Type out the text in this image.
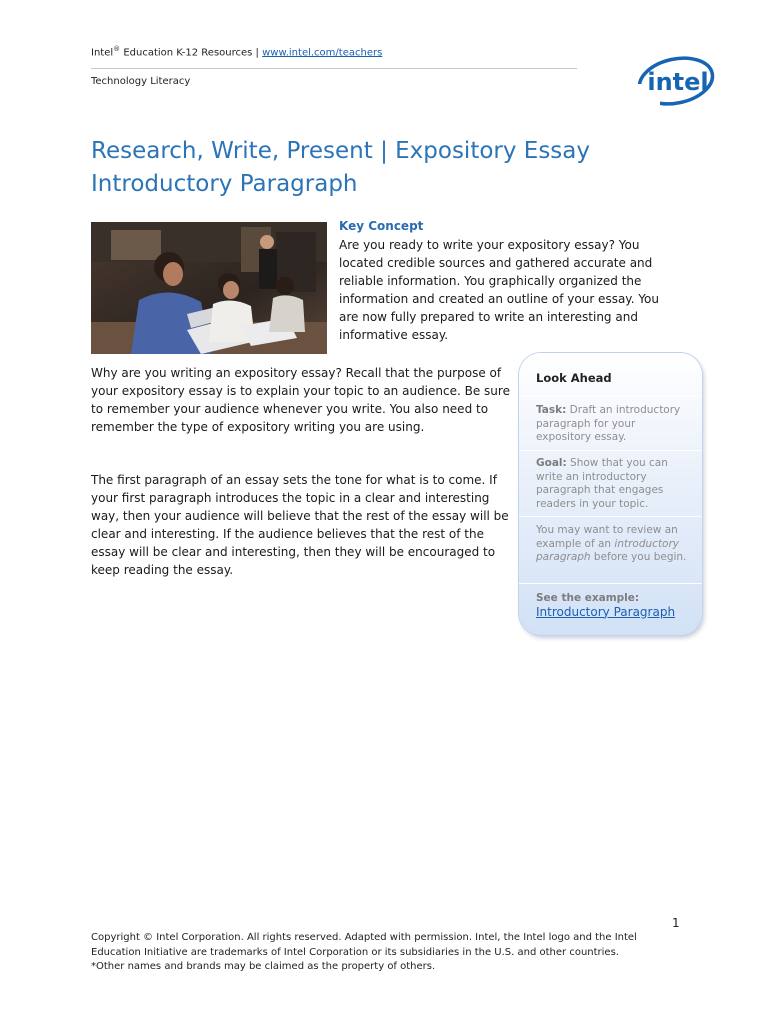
Intel® Education K-12 Resources | www.intel.com/teachers
Technology Literacy	intel
Research, Write, Present | Expository Essay
Introductory Paragraph
Key Concept

Are you ready to write your expository essay? You located credible sources and gathered accurate and reliable information. You graphically organized the information and created an outline of your essay. You are now fully prepared to write an interesting and informative essay.

Why are you writing an expository essay? Recall that the purpose of your expository essay is to explain your topic to an audience. Be sure to remember your audience whenever you write. You also need to remember the type of expository writing you are using.

The first paragraph of an essay sets the tone for what is to come. If your first paragraph introduces the topic in a clear and interesting way, then your audience will believe that the rest of the essay will be clear and interesting. If the audience believes that the rest of the essay will be clear and interesting, then they will be encouraged to keep reading the essay.

Look Ahead

Task: Draft an introductory paragraph for your expository essay.

Goal: Show that you can write an introductory paragraph that engages readers in your topic.

You may want to review an example of an introductory paragraph before you begin.

See the example:
Introductory Paragraph
1

Copyright © Intel Corporation. All rights reserved. Adapted with permission. Intel, the Intel logo and the Intel
Education Initiative are trademarks of Intel Corporation or its subsidiaries in the U.S. and other countries.
*Other names and brands may be claimed as the property of others.
